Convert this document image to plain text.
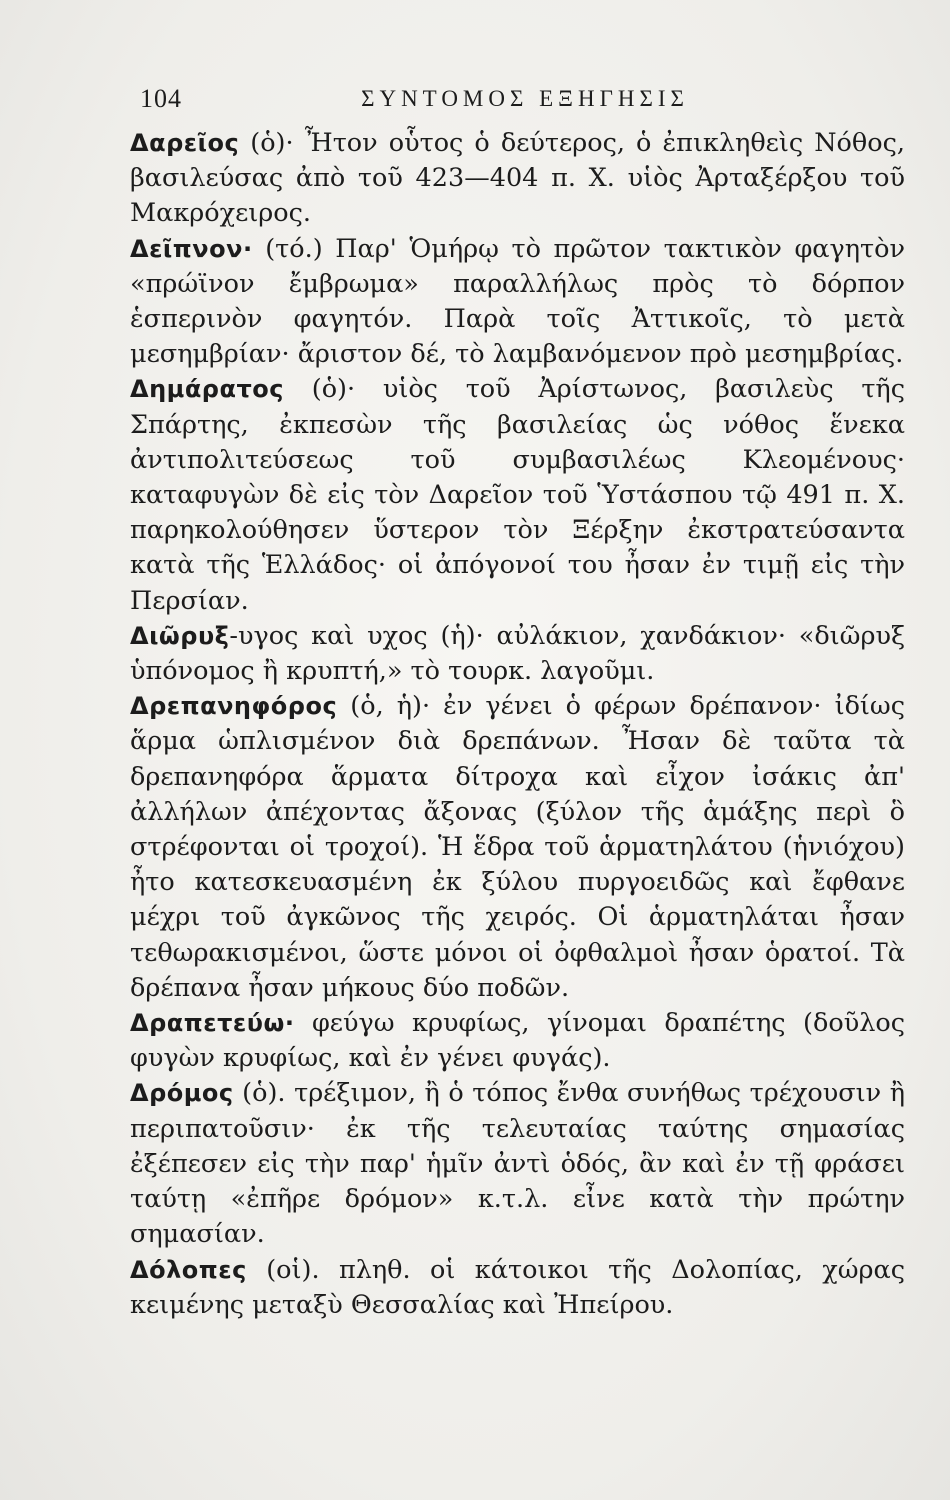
104	ΣΥΝΤΟΜΟΣ ΕΞΗΓΗΣΙΣ

Δαρεῖος (ὁ)· Ἦτον οὗτος ὁ δεύτερος, ὁ ἐπικληθεὶς Νόθος, βασιλεύσας ἀπὸ τοῦ 423—404 π. Χ. υἱὸς Ἀρταξέρξου τοῦ Μακρόχειρος.

Δεῖπνον· (τό.) Παρ' Ὁμήρῳ τὸ πρῶτον τακτικὸν φαγητὸν «πρώϊνον ἔμβρωμα» παραλλήλως πρὸς τὸ δόρπον ἑσπερινὸν φαγητόν. Παρὰ τοῖς Ἀττικοῖς, τὸ μετὰ μεσημβρίαν· ἄριστον δέ, τὸ λαμβανόμενον πρὸ μεσημβρίας.

Δημάρατος (ὁ)· υἱὸς τοῦ Ἀρίστωνος, βασιλεὺς τῆς Σπάρτης, ἐκπεσὼν τῆς βασιλείας ὡς νόθος ἕνεκα ἀντιπολιτεύσεως τοῦ συμβασιλέως Κλεομένους· καταφυγὼν δὲ εἰς τὸν Δαρεῖον τοῦ Ὑστάσπου τῷ 491 π. Χ. παρηκολούθησεν ὕστερον τὸν Ξέρξην ἐκστρατεύσαντα κατὰ τῆς Ἑλλάδος· οἱ ἀπόγονοί του ἦσαν ἐν τιμῇ εἰς τὴν Περσίαν.

Διῶρυξ-υγος καὶ υχος (ἡ)· αὐλάκιον, χανδάκιον· «διῶρυξ ὑπόνομος ἢ κρυπτή,» τὸ τουρκ. λαγοῦμι.

Δρεπανηφόρος (ὁ, ἡ)· ἐν γένει ὁ φέρων δρέπανον· ἰδίως ἅρμα ὡπλισμένον διὰ δρεπάνων. Ἦσαν δὲ ταῦτα τὰ δρεπανηφόρα ἅρματα δίτροχα καὶ εἶχον ἰσάκις ἀπ' ἀλλήλων ἀπέχοντας ἄξονας (ξύλον τῆς ἁμάξης περὶ ὃ στρέφονται οἱ τροχοί). Ἡ ἕδρα τοῦ ἁρματηλάτου (ἡνιόχου) ἦτο κατεσκευασμένη ἐκ ξύλου πυργοειδῶς καὶ ἔφθανε μέχρι τοῦ ἀγκῶνος τῆς χειρός. Οἱ ἁρματηλάται ἦσαν τεθωρακισμένοι, ὥστε μόνοι οἱ ὀφθαλμοὶ ἦσαν ὁρατοί. Τὰ δρέπανα ἦσαν μήκους δύο ποδῶν.

Δραπετεύω· φεύγω κρυφίως, γίνομαι δραπέτης (δοῦλος φυγὼν κρυφίως, καὶ ἐν γένει φυγάς).

Δρόμος (ὁ). τρέξιμον, ἢ ὁ τόπος ἔνθα συνήθως τρέχουσιν ἢ περιπατοῦσιν· ἐκ τῆς τελευταίας ταύτης σημασίας ἐξέπεσεν εἰς τὴν παρ' ἡμῖν ἀντὶ ὁδός, ἂν καὶ ἐν τῇ φράσει ταύτῃ «ἐπῆρε δρόμον» κ.τ.λ. εἶνε κατὰ τὴν πρώτην σημασίαν.

Δόλοπες (οἱ). πληθ. οἱ κάτοικοι τῆς Δολοπίας, χώρας κειμένης μεταξὺ Θεσσαλίας καὶ Ἠπείρου.
